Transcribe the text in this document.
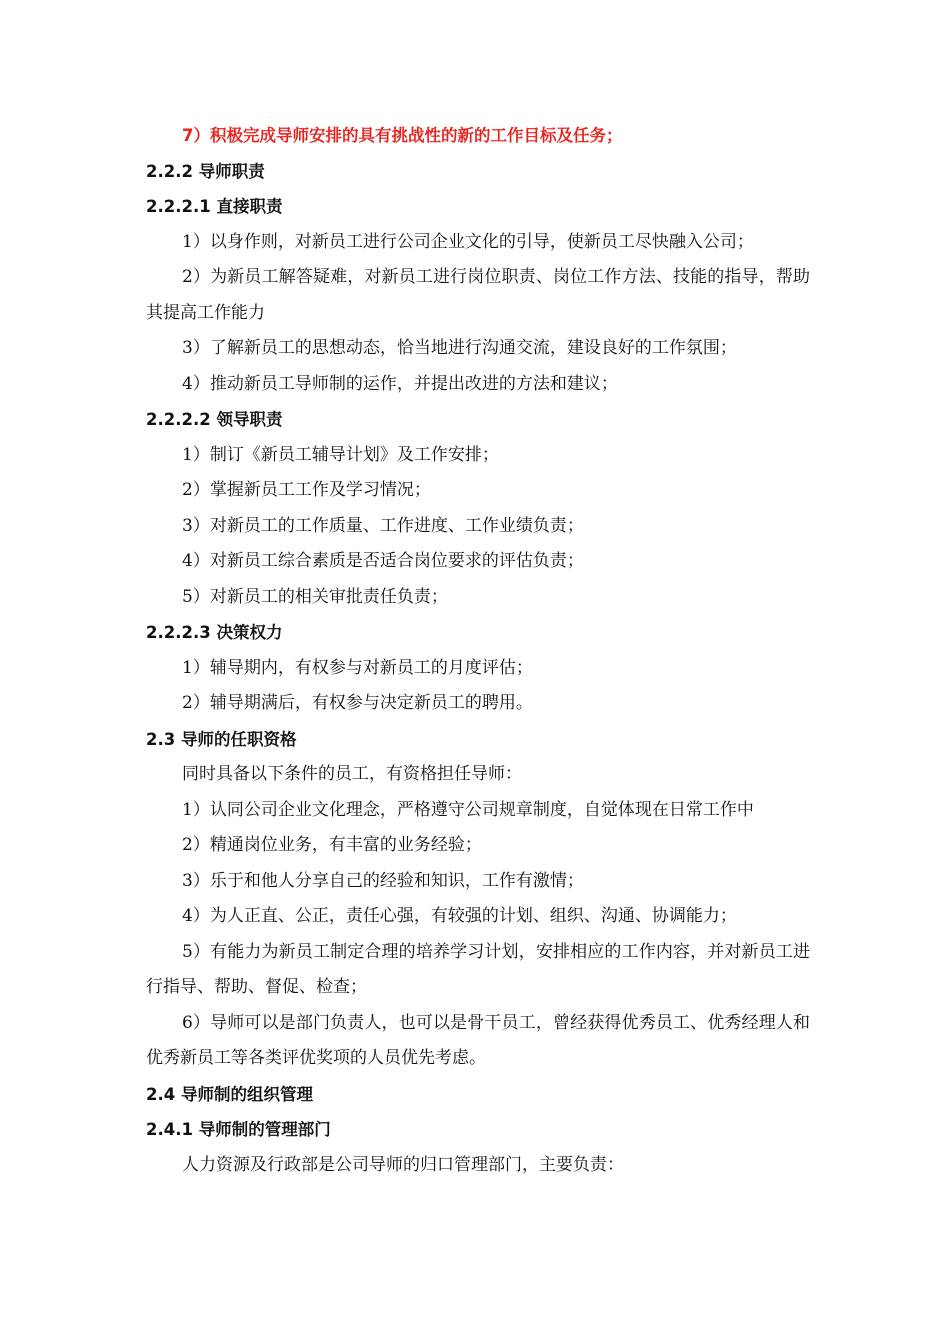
7）积极完成导师安排的具有挑战性的新的工作目标及任务；
2.2.2 导师职责
2.2.2.1 直接职责
1）以身作则，对新员工进行公司企业文化的引导，使新员工尽快融入公司；

2）为新员工解答疑难，对新员工进行岗位职责、岗位工作方法、技能的指导，帮助其提高工作能力

3）了解新员工的思想动态，恰当地进行沟通交流，建设良好的工作氛围；
4）推动新员工导师制的运作，并提出改进的方法和建议；
2.2.2.2 领导职责
1）制订《新员工辅导计划》及工作安排；
2）掌握新员工工作及学习情况；
3）对新员工的工作质量、工作进度、工作业绩负责；
4）对新员工综合素质是否适合岗位要求的评估负责；
5）对新员工的相关审批责任负责；
2.2.2.3 决策权力
1）辅导期内，有权参与对新员工的月度评估；
2）辅导期满后，有权参与决定新员工的聘用。
2.3 导师的任职资格
同时具备以下条件的员工，有资格担任导师：
1）认同公司企业文化理念，严格遵守公司规章制度，自觉体现在日常工作中
2）精通岗位业务，有丰富的业务经验；
3）乐于和他人分享自己的经验和知识，工作有激情；
4）为人正直、公正，责任心强，有较强的计划、组织、沟通、协调能力；

5）有能力为新员工制定合理的培养学习计划，安排相应的工作内容，并对新员工进行指导、帮助、督促、检查；

6）导师可以是部门负责人，也可以是骨干员工，曾经获得优秀员工、优秀经理人和优秀新员工等各类评优奖项的人员优先考虑。

2.4 导师制的组织管理
2.4.1 导师制的管理部门
人力资源及行政部是公司导师的归口管理部门，主要负责：
